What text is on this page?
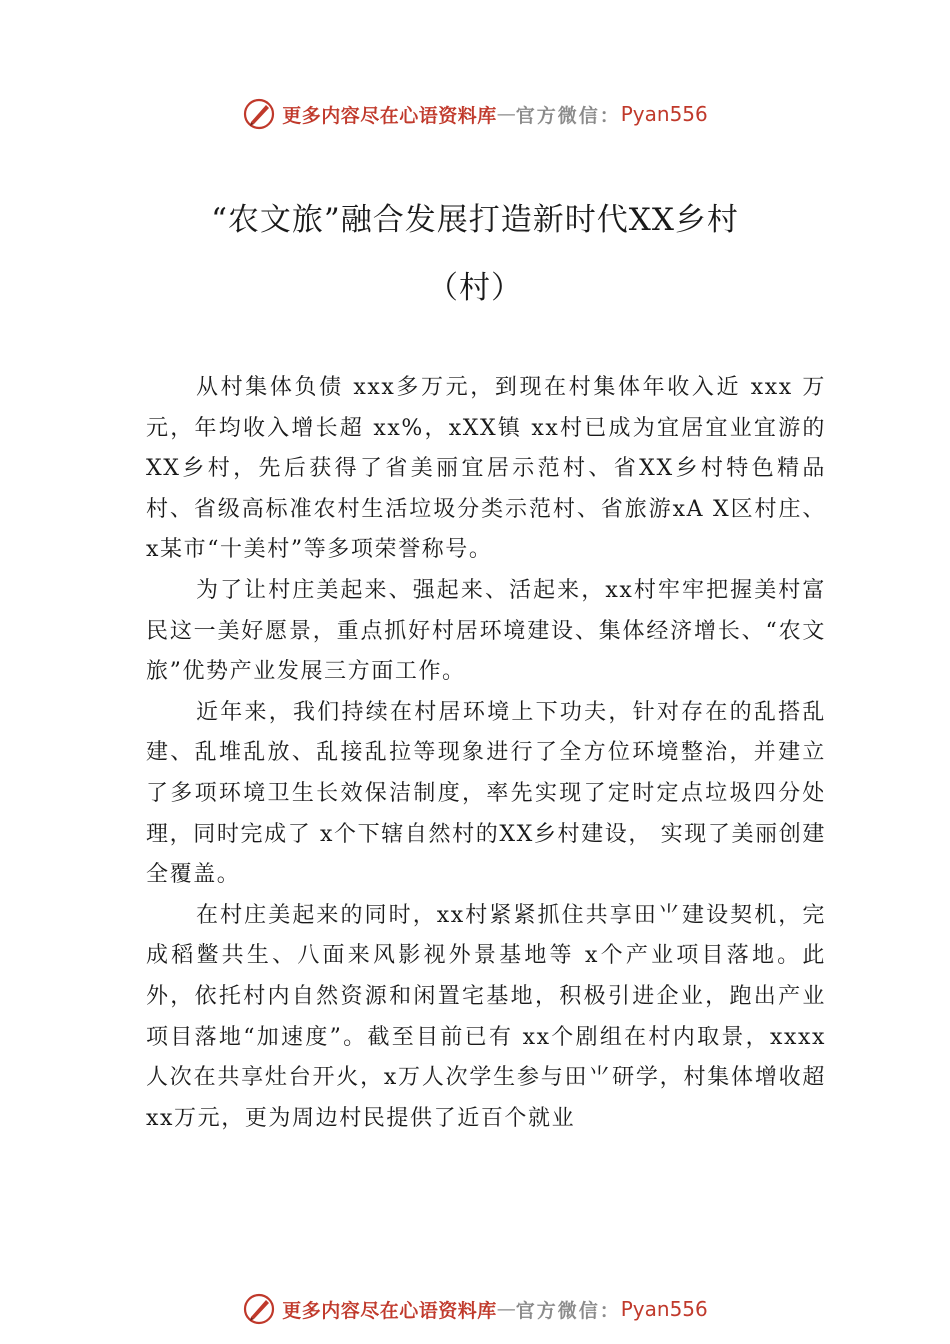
更多内容尽在心语资料库 — 官方微信： Pyan556
“农文旅”融合发展打造新时代XX乡村
（村）

从村集体负债 xxx多万元，到现在村集体年收入近 xxx 万元，年均收入增长超 xx%，xXX镇 xx村已成为宜居宜业宜游的XX乡村，先后获得了省美丽宜居示范村、省XX乡村特色精品村、省级高标准农村生活垃圾分类示范村、省旅游xA X区村庄、x某市“十美村”等多项荣誉称号。

为了让村庄美起来、强起来、活起来，xx村牢牢把握美村富民这一美好愿景，重点抓好村居环境建设、集体经济增长、“农文旅”优势产业发展三方面工作。

近年来，我们持续在村居环境上下功夫，针对存在的乱搭乱建、乱堆乱放、乱接乱拉等现象进行了全方位环境整治，并建立了多项环境卫生长效保洁制度，率先实现了定时定点垃圾四分处理，同时完成了 x个下辖自然村的XX乡村建设， 实现了美丽创建全覆盖。

在村庄美起来的同时，xx村紧紧抓住共享田⺌建设契机，完成稻鳖共生、八面来风影视外景基地等 x个产业项目落地。此外，依托村内自然资源和闲置宅基地，积极引进企业，跑出产业项目落地“加速度”。截至目前已有 xx个剧组在村内取景，xxxx人次在共享灶台开火，x万人次学生参与田⺌研学，村集体增收超 xx万元，更为周边村民提供了近百个就业

更多内容尽在心语资料库 — 官方微信： Pyan556
